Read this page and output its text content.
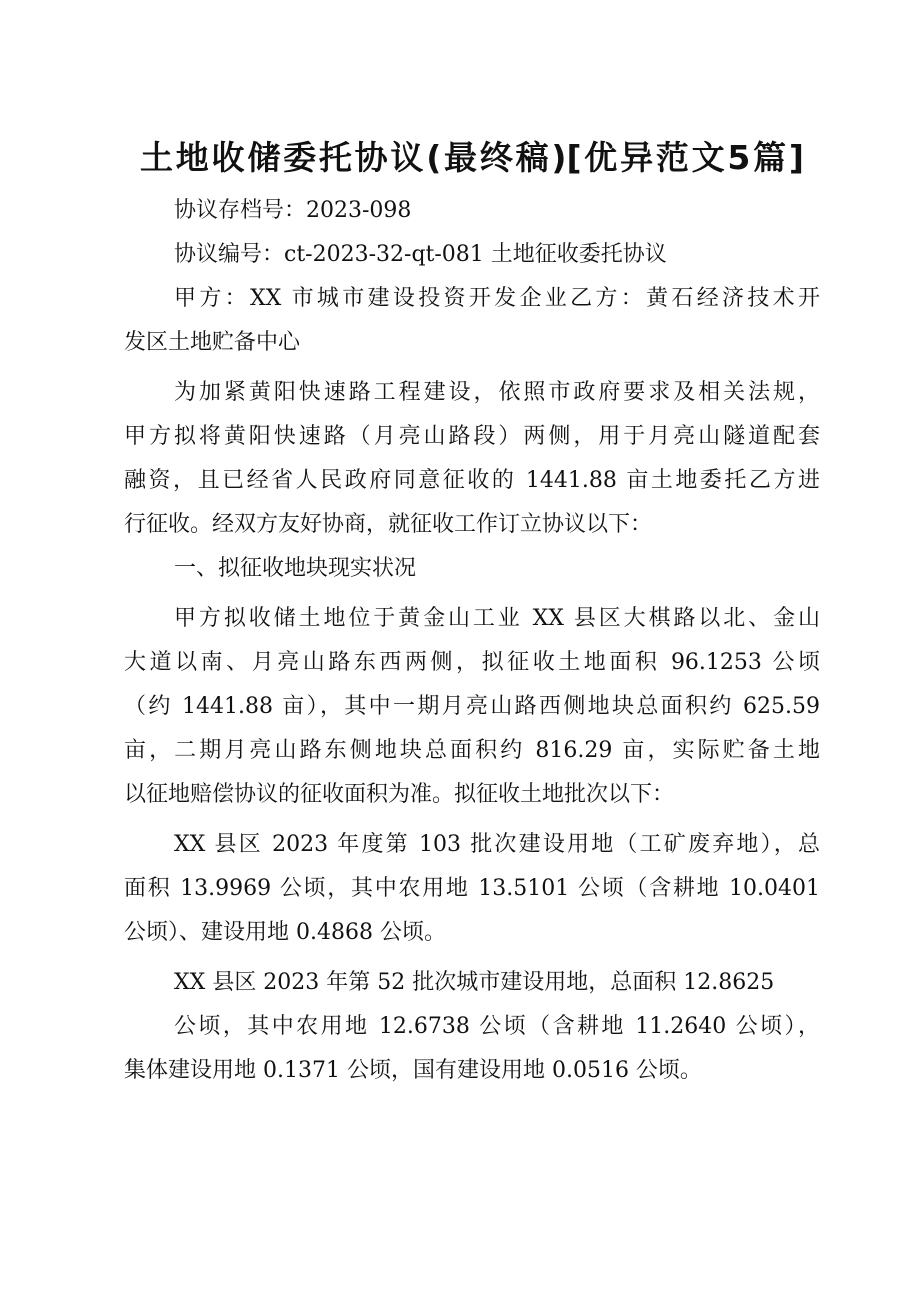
土地收储委托协议(最终稿)[优异范文5篇]
协议存档号：2023-098
协议编号：ct-2023-32-qt-081 土地征收委托协议
甲方：XX 市城市建设投资开发企业乙方：黄石经济技术开
发区土地贮备中心
为加紧黄阳快速路工程建设，依照市政府要求及相关法规，
甲方拟将黄阳快速路（月亮山路段）两侧，用于月亮山隧道配套
融资，且已经省人民政府同意征收的 1441.88 亩土地委托乙方进
行征收。经双方友好协商，就征收工作订立协议以下：
一、拟征收地块现实状况
甲方拟收储土地位于黄金山工业 XX 县区大棋路以北、金山
大道以南、月亮山路东西两侧，拟征收土地面积 96.1253 公顷
（约 1441.88 亩），其中一期月亮山路西侧地块总面积约 625.59
亩，二期月亮山路东侧地块总面积约 816.29 亩，实际贮备土地
以征地赔偿协议的征收面积为准。拟征收土地批次以下：
XX 县区 2023 年度第 103 批次建设用地（工矿废弃地），总
面积 13.9969 公顷，其中农用地 13.5101 公顷（含耕地 10.0401
公顷）、建设用地 0.4868 公顷。
XX 县区 2023 年第 52 批次城市建设用地，总面积 12.8625
公顷，其中农用地 12.6738 公顷（含耕地 11.2640 公顷），
集体建设用地 0.1371 公顷，国有建设用地 0.0516 公顷。
